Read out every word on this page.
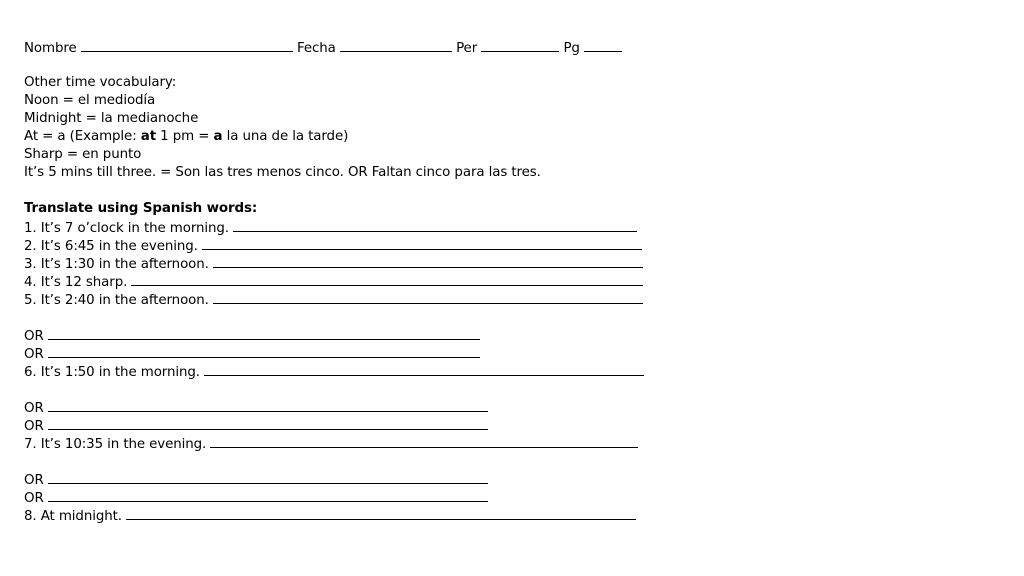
Nombre	Fecha	Per	Pg
Other time vocabulary:
Noon = el mediodía
Midnight = la medianoche
At = a (Example: at 1 pm = a la una de la tarde)
Sharp = en punto
It’s 5 mins till three. = Son las tres menos cinco. OR Faltan cinco para las tres.
Translate using Spanish words:
1. It’s 7 o’clock in the morning.
2. It’s 6:45 in the evening.
3. It’s 1:30 in the afternoon.
4. It’s 12 sharp.
5. It’s 2:40 in the afternoon.
OR
OR
6. It’s 1:50 in the morning.
OR
OR
7. It’s 10:35 in the evening.
OR
OR
8. At midnight.
